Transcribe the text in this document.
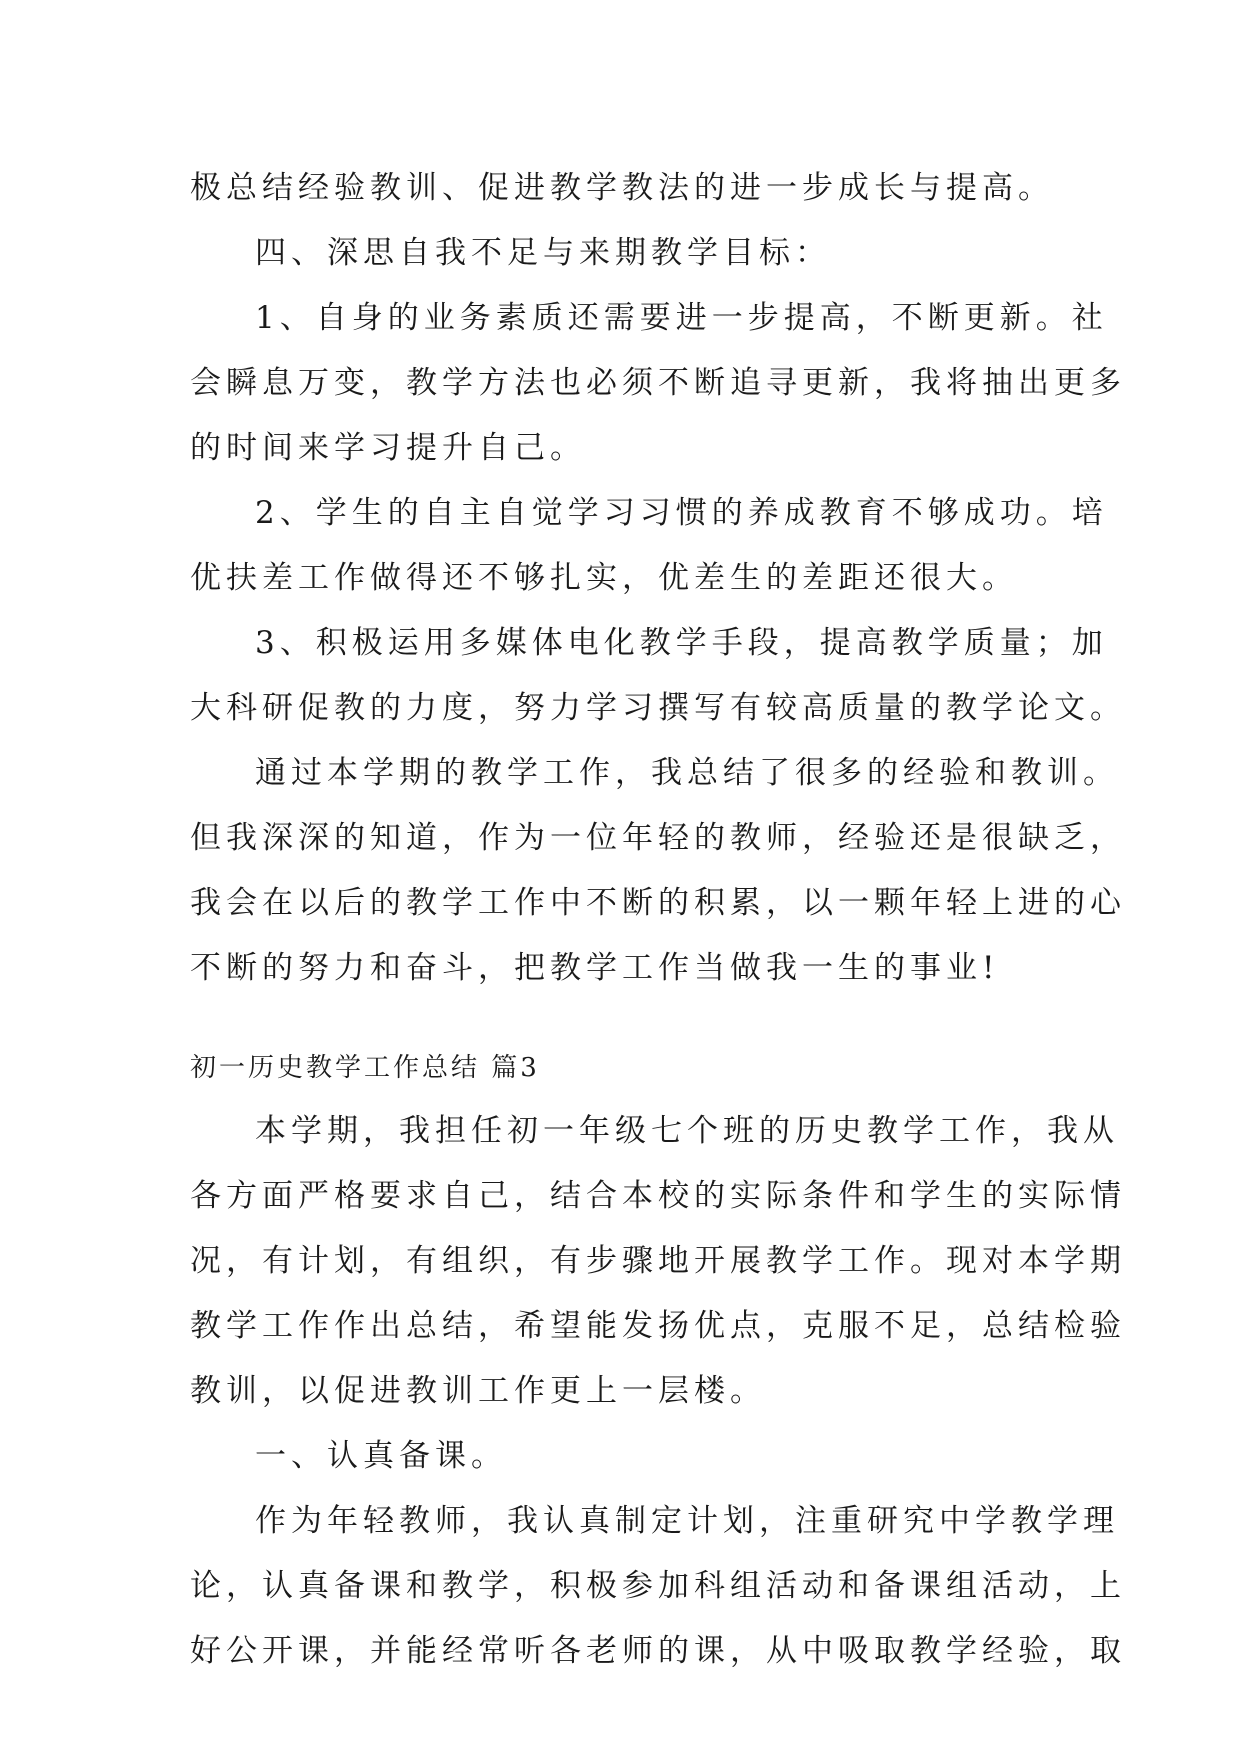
极总结经验教训、促进教学教法的进一步成长与提高。
四、深思自我不足与来期教学目标：
1、自身的业务素质还需要进一步提高，不断更新。社
会瞬息万变，教学方法也必须不断追寻更新，我将抽出更多
的时间来学习提升自己。
2、学生的自主自觉学习习惯的养成教育不够成功。培
优扶差工作做得还不够扎实，优差生的差距还很大。
3、积极运用多媒体电化教学手段，提高教学质量；加
大科研促教的力度，努力学习撰写有较高质量的教学论文。
通过本学期的教学工作，我总结了很多的经验和教训。
但我深深的知道，作为一位年轻的教师，经验还是很缺乏，
我会在以后的教学工作中不断的积累，以一颗年轻上进的心
不断的努力和奋斗，把教学工作当做我一生的事业!
初一历史教学工作总结 篇3
本学期，我担任初一年级七个班的历史教学工作，我从
各方面严格要求自己，结合本校的实际条件和学生的实际情
况，有计划，有组织，有步骤地开展教学工作。现对本学期
教学工作作出总结，希望能发扬优点，克服不足，总结检验
教训，以促进教训工作更上一层楼。
一、认真备课。
作为年轻教师，我认真制定计划，注重研究中学教学理
论，认真备课和教学，积极参加科组活动和备课组活动，上
好公开课，并能经常听各老师的课，从中吸取教学经验，取
